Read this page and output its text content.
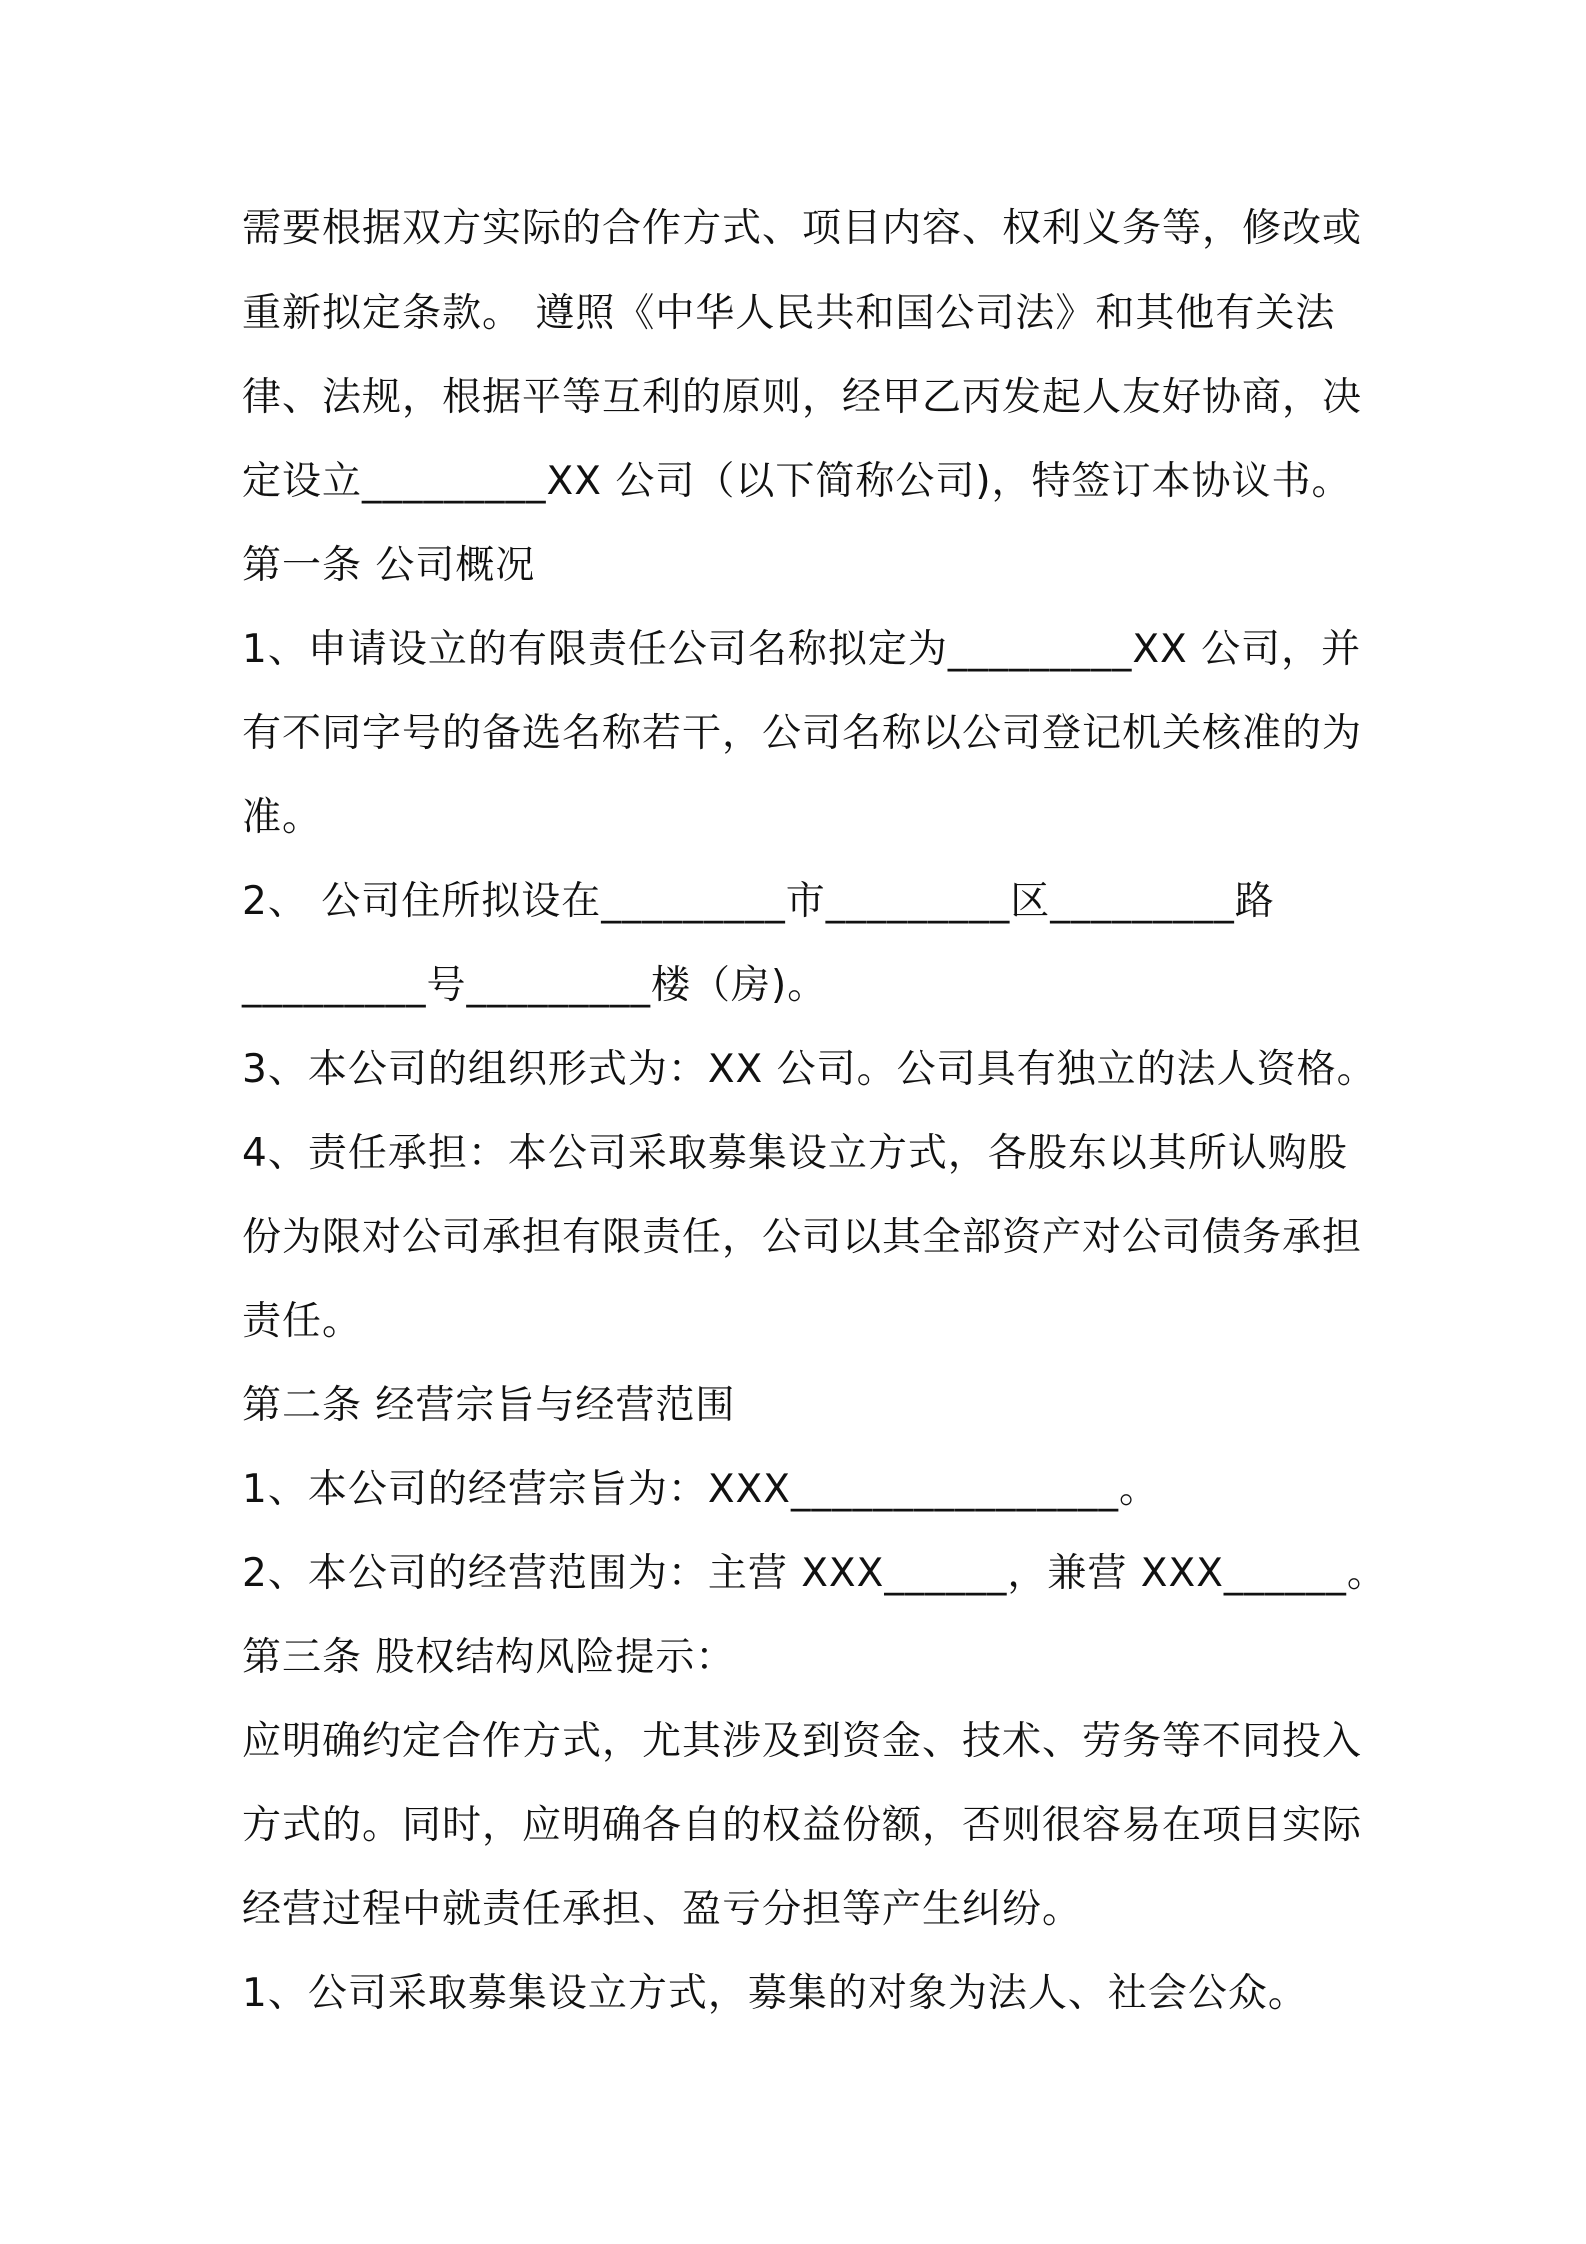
需要根据双方实际的合作方式、项目内容、权利义务等，修改或
重新拟定条款。 遵照《中华人民共和国公司法》和其他有关法
律、法规，根据平等互利的原则，经甲乙丙发起人友好协商，决
定设立_________XX 公司（以下简称公司)，特签订本协议书。
第一条 公司概况
1、申请设立的有限责任公司名称拟定为_________XX 公司，并
有不同字号的备选名称若干，公司名称以公司登记机关核准的为
准。
2、 公司住所拟设在_________市_________区_________路
_________号_________楼（房)。
3、本公司的组织形式为：XX 公司。公司具有独立的法人资格。
4、责任承担：本公司采取募集设立方式，各股东以其所认购股
份为限对公司承担有限责任，公司以其全部资产对公司债务承担
责任。
第二条 经营宗旨与经营范围
1、本公司的经营宗旨为：XXX________________。
2、本公司的经营范围为：主营 XXX______，兼营 XXX______。
第三条 股权结构风险提示：
应明确约定合作方式，尤其涉及到资金、技术、劳务等不同投入
方式的。同时，应明确各自的权益份额，否则很容易在项目实际
经营过程中就责任承担、盈亏分担等产生纠纷。
1、公司采取募集设立方式，募集的对象为法人、社会公众。
